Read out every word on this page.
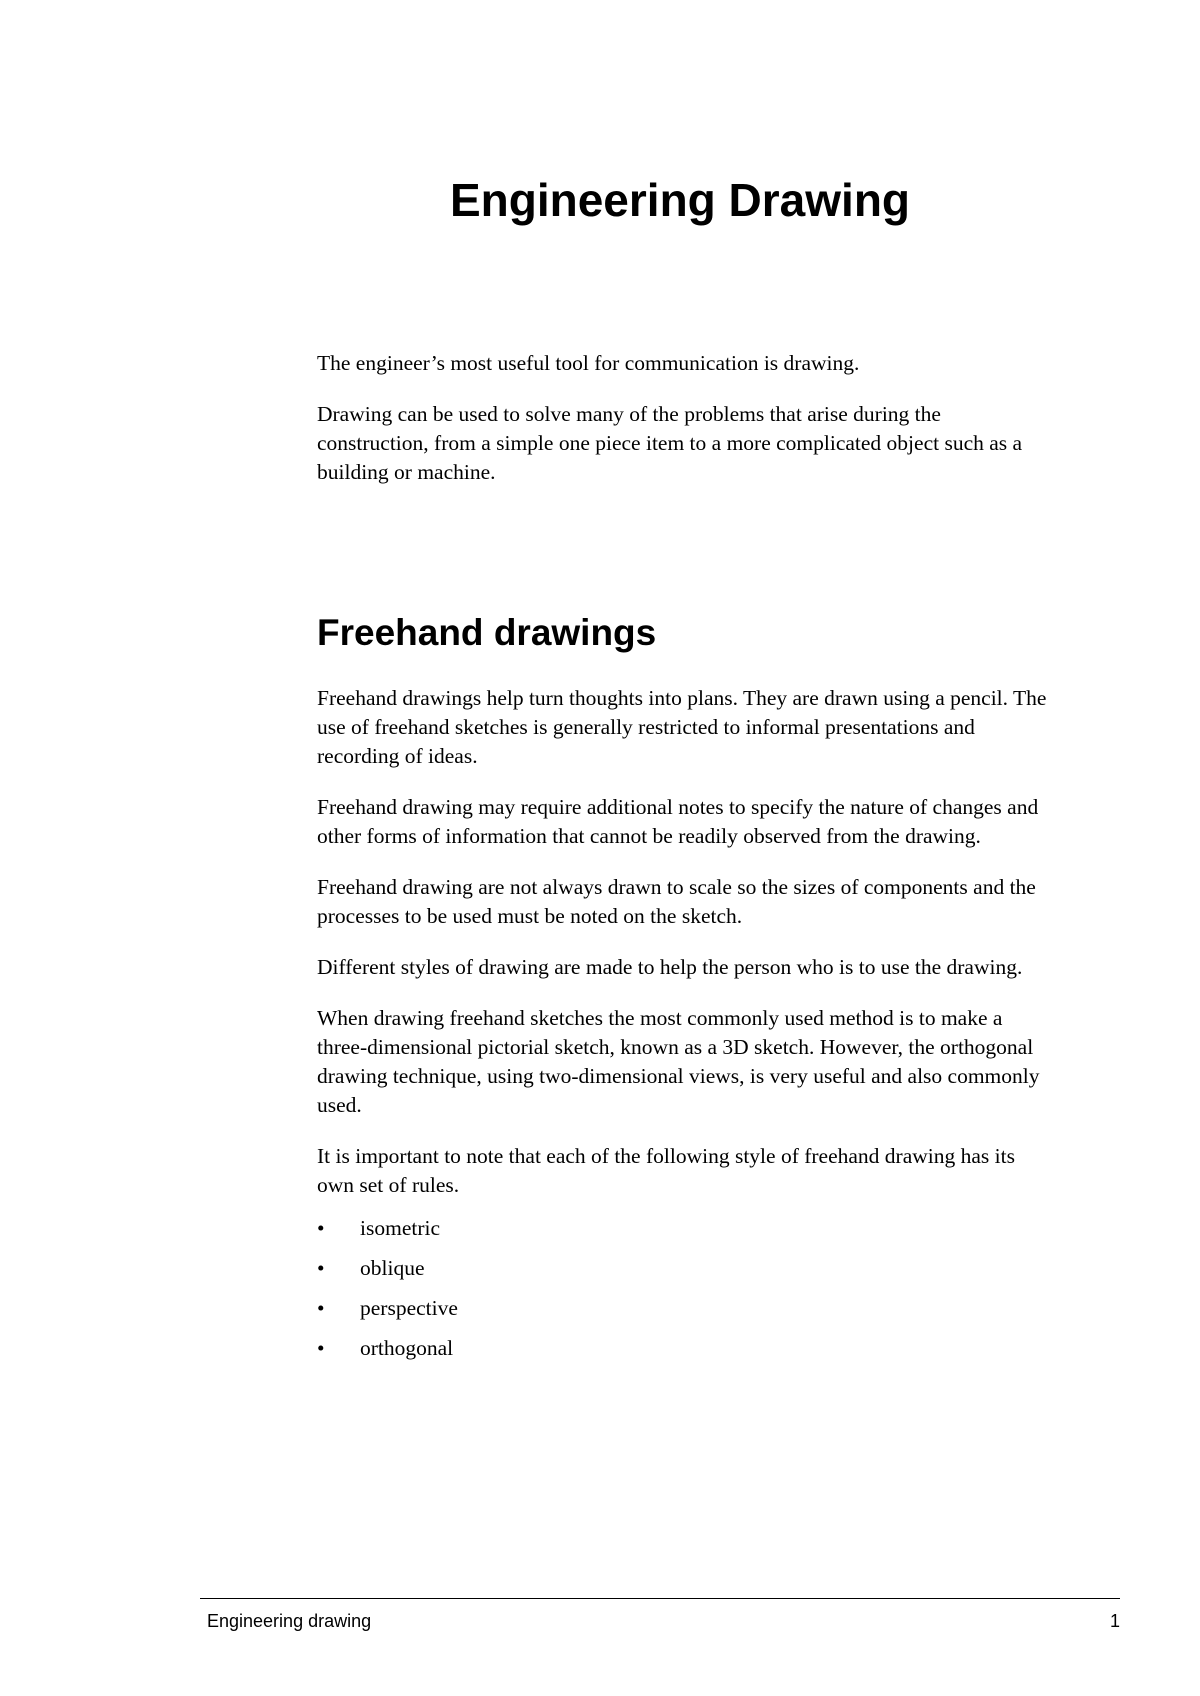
Engineering Drawing

The engineer’s most useful tool for communication is drawing.

Drawing can be used to solve many of the problems that arise during the construction, from a simple one piece item to a more complicated object such as a building or machine.

Freehand drawings

Freehand drawings help turn thoughts into plans. They are drawn using a pencil. The use of freehand sketches is generally restricted to informal presentations and recording of ideas.

Freehand drawing may require additional notes to specify the nature of changes and other forms of information that cannot be readily observed from the drawing.

Freehand drawing are not always drawn to scale so the sizes of components and the processes to be used must be noted on the sketch.

Different styles of drawing are made to help the person who is to use the drawing.

When drawing freehand sketches the most commonly used method is to make a three-dimensional pictorial sketch, known as a 3D sketch. However, the orthogonal drawing technique, using two-dimensional views, is very useful and also commonly used.

It is important to note that each of the following style of freehand drawing has its own set of rules.

• isometric
• oblique
• perspective
• orthogonal
Engineering drawing	1
